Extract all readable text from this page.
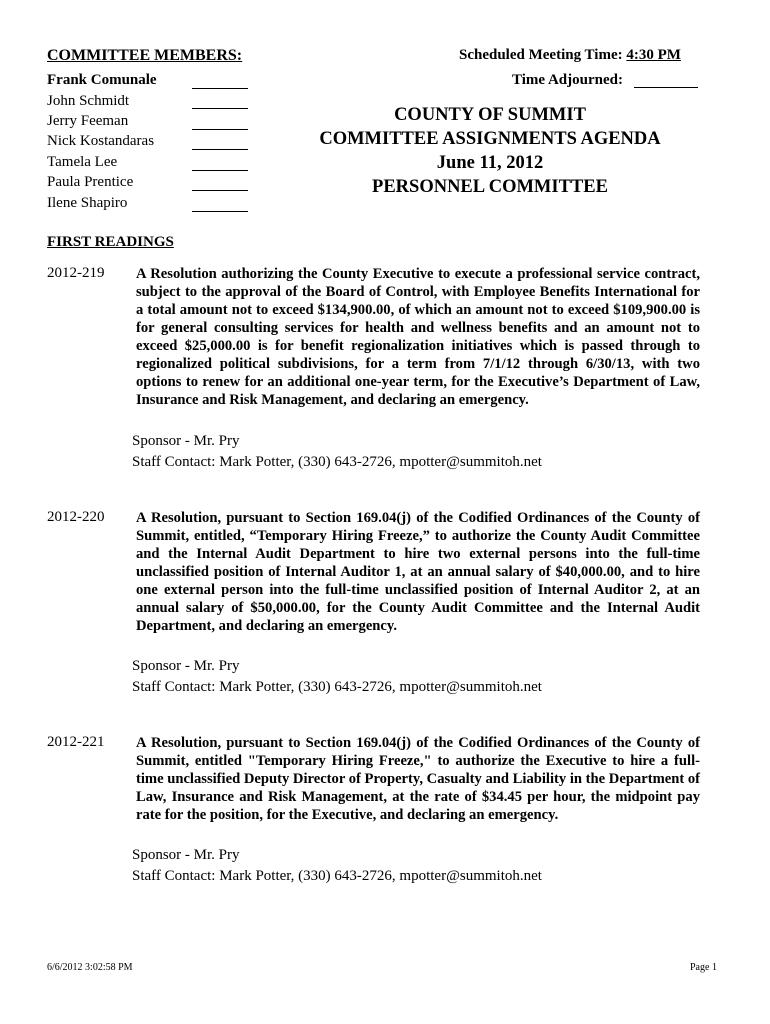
COMMITTEE MEMBERS:
Frank Comunale
John Schmidt
Jerry Feeman
Nick Kostandaras
Tamela Lee
Paula Prentice
Ilene Shapiro
Scheduled Meeting Time: 4:30 PM
Time Adjourned:
COUNTY OF SUMMIT
COMMITTEE ASSIGNMENTS AGENDA
June 11, 2012
PERSONNEL COMMITTEE
FIRST READINGS
2012-219 A Resolution authorizing the County Executive to execute a professional service contract, subject to the approval of the Board of Control, with Employee Benefits International for a total amount not to exceed $134,900.00, of which an amount not to exceed $109,900.00 is for general consulting services for health and wellness benefits and an amount not to exceed $25,000.00 is for benefit regionalization initiatives which is passed through to regionalized political subdivisions, for a term from 7/1/12 through 6/30/13, with two options to renew for an additional one-year term, for the Executive’s Department of Law, Insurance and Risk Management, and declaring an emergency.
Sponsor - Mr. Pry
Staff Contact: Mark Potter, (330) 643-2726, mpotter@summitoh.net
2012-220 A Resolution, pursuant to Section 169.04(j) of the Codified Ordinances of the County of Summit, entitled, “Temporary Hiring Freeze,” to authorize the County Audit Committee and the Internal Audit Department to hire two external persons into the full-time unclassified position of Internal Auditor 1, at an annual salary of $40,000.00, and to hire one external person into the full-time unclassified position of Internal Auditor 2, at an annual salary of $50,000.00, for the County Audit Committee and the Internal Audit Department, and declaring an emergency.
Sponsor - Mr. Pry
Staff Contact: Mark Potter, (330) 643-2726, mpotter@summitoh.net
2012-221 A Resolution, pursuant to Section 169.04(j) of the Codified Ordinances of the County of Summit, entitled "Temporary Hiring Freeze," to authorize the Executive to hire a full-time unclassified Deputy Director of Property, Casualty and Liability in the Department of Law, Insurance and Risk Management, at the rate of $34.45 per hour, the midpoint pay rate for the position, for the Executive, and declaring an emergency.
Sponsor - Mr. Pry
Staff Contact: Mark Potter, (330) 643-2726, mpotter@summitoh.net
6/6/2012 3:02:58 PM	Page 1
